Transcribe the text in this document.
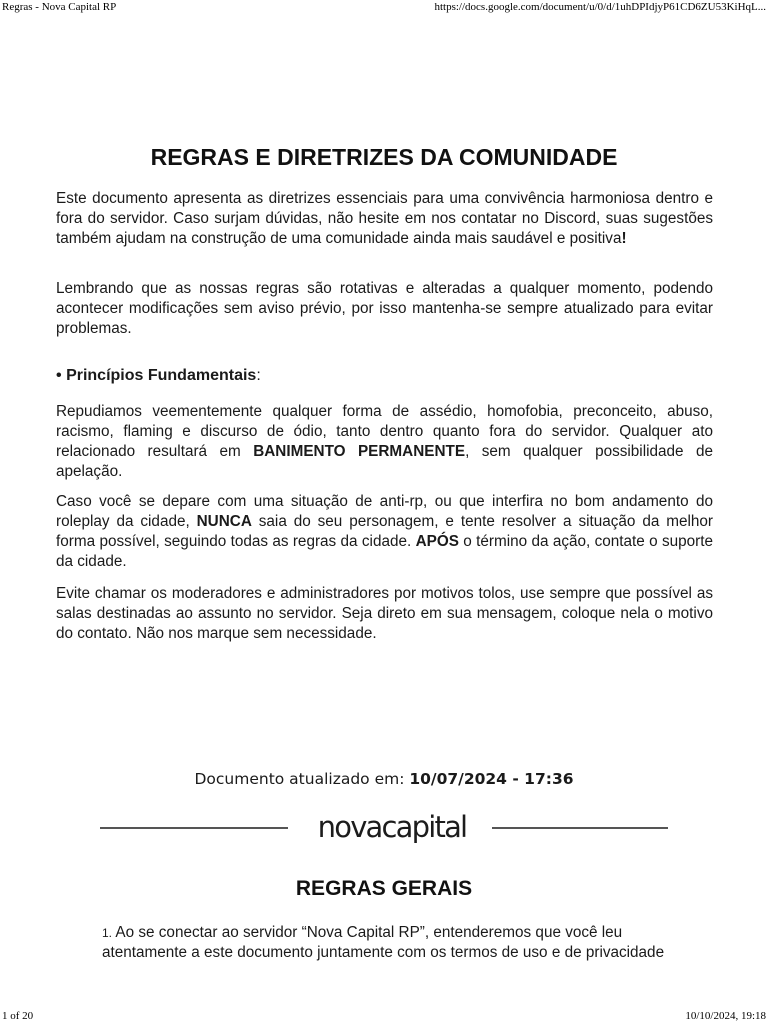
Regras - Nova Capital RP	https://docs.google.com/document/u/0/d/1uhDPIdjyP61CD6ZU53KiHqL...
REGRAS E DIRETRIZES DA COMUNIDADE

Este documento apresenta as diretrizes essenciais para uma convivência harmoniosa dentro e fora do servidor. Caso surjam dúvidas, não hesite em nos contatar no Discord, suas sugestões também ajudam na construção de uma comunidade ainda mais saudável e positiva!

Lembrando que as nossas regras são rotativas e alteradas a qualquer momento, podendo acontecer modificações sem aviso prévio, por isso mantenha-se sempre atualizado para evitar problemas.

• Princípios Fundamentais:

Repudiamos veementemente qualquer forma de assédio, homofobia, preconceito, abuso, racismo, flaming e discurso de ódio, tanto dentro quanto fora do servidor. Qualquer ato relacionado resultará em BANIMENTO PERMANENTE, sem qualquer possibilidade de apelação.

Caso você se depare com uma situação de anti-rp, ou que interfira no bom andamento do roleplay da cidade, NUNCA saia do seu personagem, e tente resolver a situação da melhor forma possível, seguindo todas as regras da cidade. APÓS o término da ação, contate o suporte da cidade.

Evite chamar os moderadores e administradores por motivos tolos, use sempre que possível as salas destinadas ao assunto no servidor. Seja direto em sua mensagem, coloque nela o motivo do contato. Não nos marque sem necessidade.

Documento atualizado em: 10/07/2024 - 17:36

novacapital
REGRAS GERAIS

1. Ao se conectar ao servidor “Nova Capital RP”, entenderemos que você leu atentamente a este documento juntamente com os termos de uso e de privacidade

1 of 20	10/10/2024, 19:18
